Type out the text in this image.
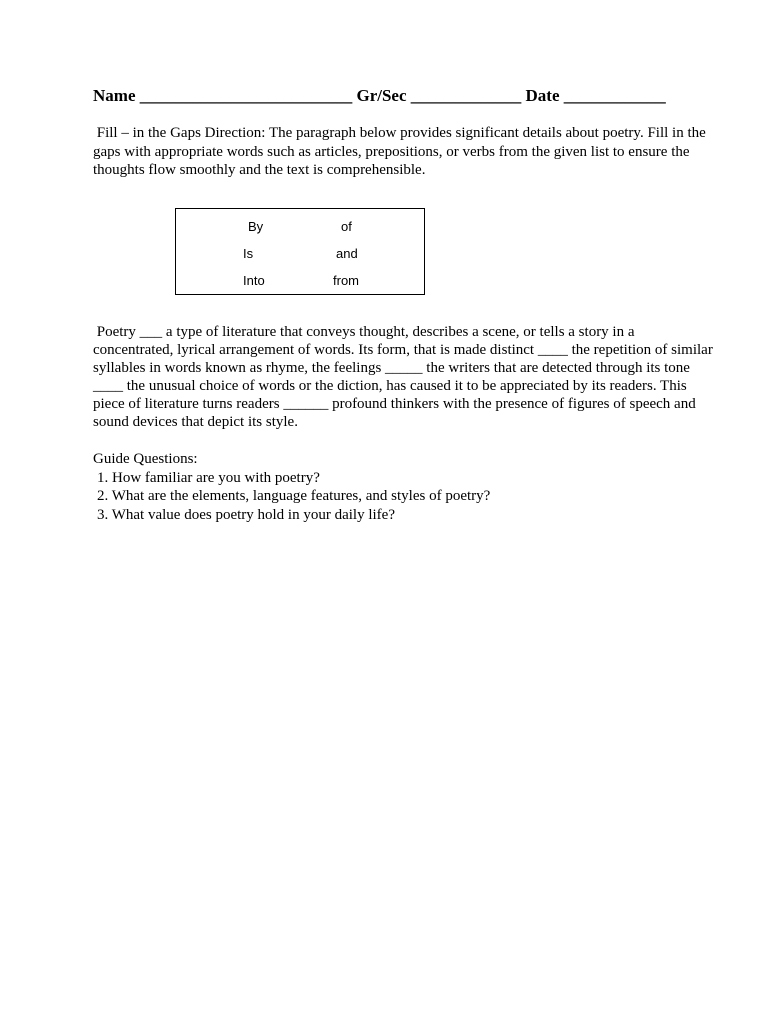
Name _________________________ Gr/Sec _____________ Date ____________
Fill – in the Gaps Direction: The paragraph below provides significant details about poetry. Fill in the gaps with appropriate words such as articles, prepositions, or verbs from the given list to ensure the thoughts flow smoothly and the text is comprehensible.
By	of
Is	and
Into	from
Poetry ___ a type of literature that conveys thought, describes a scene, or tells a story in a concentrated, lyrical arrangement of words. Its form, that is made distinct ____ the repetition of similar syllables in words known as rhyme, the feelings _____ the writers that are detected through its tone ____ the unusual choice of words or the diction, has caused it to be appreciated by its readers. This piece of literature turns readers ______ profound thinkers with the presence of figures of speech and sound devices that depict its style.
Guide Questions:
1. How familiar are you with poetry?
2. What are the elements, language features, and styles of poetry?
3. What value does poetry hold in your daily life?
